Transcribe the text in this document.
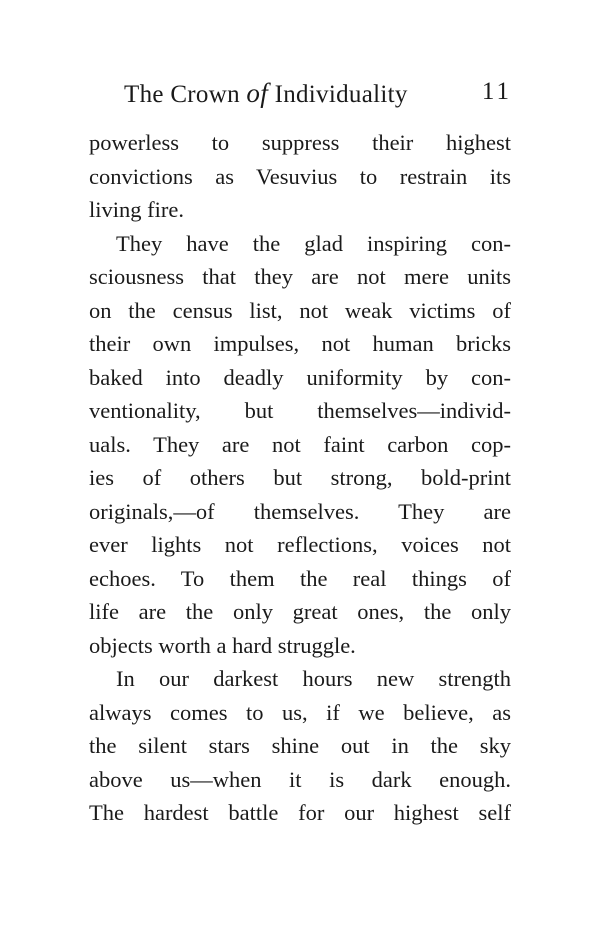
The Crown of Individuality	11
powerless to suppress their highest
convictions as Vesuvius to restrain its
living fire.
They have the glad inspiring con-
sciousness that they are not mere units
on the census list, not weak victims of
their own impulses, not human bricks
baked into deadly uniformity by con-
ventionality, but themselves—individ-
uals. They are not faint carbon cop-
ies of others but strong, bold-print
originals,—of themselves. They are
ever lights not reflections, voices not
echoes. To them the real things of
life are the only great ones, the only
objects worth a hard struggle.
In our darkest hours new strength
always comes to us, if we believe, as
the silent stars shine out in the sky
above us—when it is dark enough.
The hardest battle for our highest self
